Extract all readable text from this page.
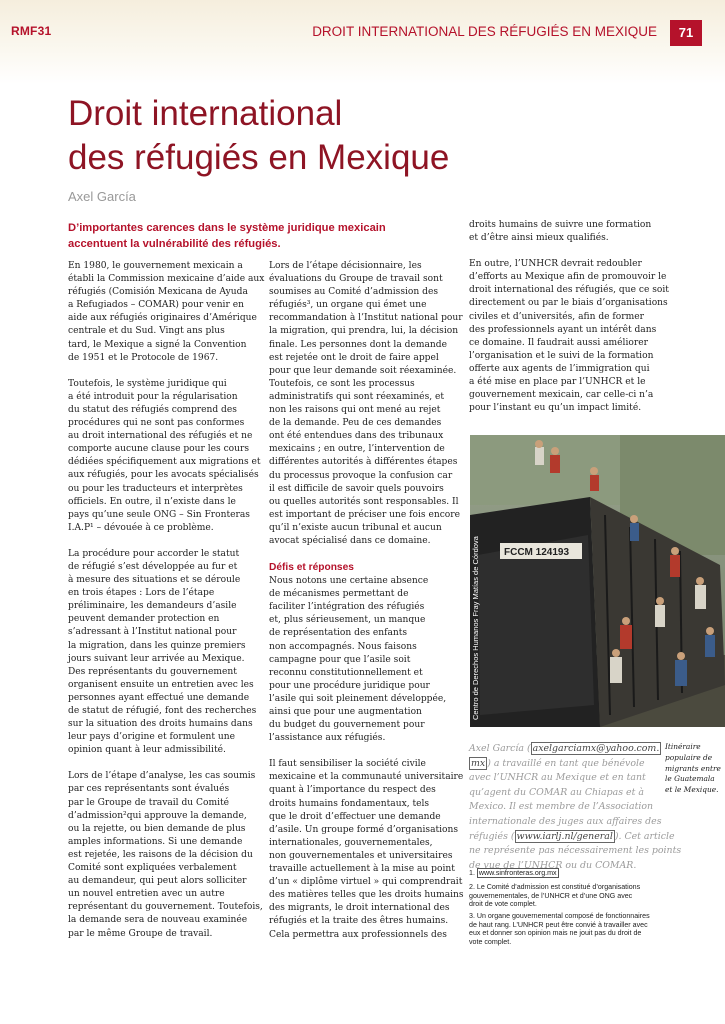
RMF31	DROIT INTERNATIONAL DES RÉFUGIÉS EN MEXIQUE	71
Droit international
des réfugiés en Mexique
Axel García
D’importantes carences dans le système juridique mexicain
accentuent la vulnérabilité des réfugiés.
En 1980, le gouvernement mexicain a
établi la Commission mexicaine d’aide aux
réfugiés (Comisión Mexicana de Ayuda
a Refugiados – COMAR) pour venir en
aide aux réfugiés originaires d’Amérique
centrale et du Sud. Vingt ans plus
tard, le Mexique a signé la Convention
de 1951 et le Protocole de 1967.
Toutefois, le système juridique qui
a été introduit pour la régularisation
du statut des réfugiés comprend des
procédures qui ne sont pas conformes
au droit international des réfugiés et ne
comporte aucune clause pour les cours
dédiées spécifiquement aux migrations et
aux réfugiés, pour les avocats spécialisés
ou pour les traducteurs et interprètes
officiels. En outre, il n’existe dans le
pays qu’une seule ONG – Sin Fronteras
I.A.P¹ – dévouée à ce problème.
La procédure pour accorder le statut
de réfugié s’est développée au fur et
à mesure des situations et se déroule
en trois étapes : Lors de l’étape
préliminaire, les demandeurs d’asile
peuvent demander protection en
s’adressant à l’Institut national pour
la migration, dans les quinze premiers
jours suivant leur arrivée au Mexique.
Des représentants du gouvernement
organisent ensuite un entretien avec les
personnes ayant effectué une demande
de statut de réfugié, font des recherches
sur la situation des droits humains dans
leur pays d’origine et formulent une
opinion quant à leur admissibilité.
Lors de l’étape d’analyse, les cas soumis
par ces représentants sont évalués
par le Groupe de travail du Comité
d’admission²qui approuve la demande,
ou la rejette, ou bien demande de plus
amples informations. Si une demande
est rejetée, les raisons de la décision du
Comité sont expliquées verbalement
au demandeur, qui peut alors solliciter
un nouvel entretien avec un autre
représentant du gouvernement. Toutefois,
la demande sera de nouveau examinée
par le même Groupe de travail.
Lors de l’étape décisionnaire, les
évaluations du Groupe de travail sont
soumises au Comité d’admission des
réfugiés³, un organe qui émet une
recommandation à l’Institut national pour
la migration, qui prendra, lui, la décision
finale. Les personnes dont la demande
est rejetée ont le droit de faire appel
pour que leur demande soit réexaminée.
Toutefois, ce sont les processus
administratifs qui sont réexaminés, et
non les raisons qui ont mené au rejet
de la demande. Peu de ces demandes
ont été entendues dans des tribunaux
mexicains ; en outre, l’intervention de
différentes autorités à différentes étapes
du processus provoque la confusion car
il est difficile de savoir quels pouvoirs
ou quelles autorités sont responsables. Il
est important de préciser une fois encore
qu’il n’existe aucun tribunal et aucun
avocat spécialisé dans ce domaine.
Défis et réponses
Nous notons une certaine absence
de mécanismes permettant de
faciliter l’intégration des réfugiés
et, plus sérieusement, un manque
de représentation des enfants
non accompagnés. Nous faisons
campagne pour que l’asile soit
reconnu constitutionnellement et
pour une procédure juridique pour
l’asile qui soit pleinement développée,
ainsi que pour une augmentation
du budget du gouvernement pour
l’assistance aux réfugiés.
Il faut sensibiliser la société civile
mexicaine et la communauté universitaire
quant à l’importance du respect des
droits humains fondamentaux, tels
que le droit d’effectuer une demande
d’asile. Un groupe formé d’organisations
internationales, gouvernementales,
non gouvernementales et universitaires
travaille actuellement à la mise au point
d’un « diplôme virtuel » qui comprendrait
des matières telles que les droits humains
des migrants, le droit international des
réfugiés et la traite des êtres humains.
Cela permettra aux professionnels des
droits humains de suivre une formation
et d’être ainsi mieux qualifiés.
En outre, l’UNHCR devrait redoubler
d’efforts au Mexique afin de promouvoir le
droit international des réfugiés, que ce soit
directement ou par le biais d’organisations
civiles et d’universités, afin de former
des professionnels ayant un intérêt dans
ce domaine. Il faudrait aussi améliorer
l’organisation et le suivi de la formation
offerte aux agents de l’immigration qui
a été mise en place par l’UNHCR et le
gouvernement mexicain, car celle-ci n’a
pour l’instant eu qu’un impact limité.
FCCM 124193
Juan de Dios García Davish/ Centro de Derechos Humanos Fray Matías de Córdova
Axel García ( axelgarciamx@yahoo.com.
mx ) a travaillé en tant que bénévole
avec l’UNHCR au Mexique et en tant
qu’agent du COMAR au Chiapas et à
Mexico. Il est membre de l’Association
internationale des juges aux affaires des
réfugiés ( www.iarlj.nl/general ). Cet article
ne représente pas nécessairement les points
de vue de l’UNHCR ou du COMAR.
Itinéraire
populaire de
migrants entre
le Guatemala
et le Mexique.
1. www.sinfronteras.org.mx
2. Le Comité d’admission est constitué d’organisations
gouvernementales, de l’UNHCR et d’une ONG avec
droit de vote complet.
3. Un organe gouvernemental composé de fonctionnaires
de haut rang. L’UNHCR peut être convié à travailler avec
eux et donner son opinion mais ne jouit pas du droit de
vote complet.
